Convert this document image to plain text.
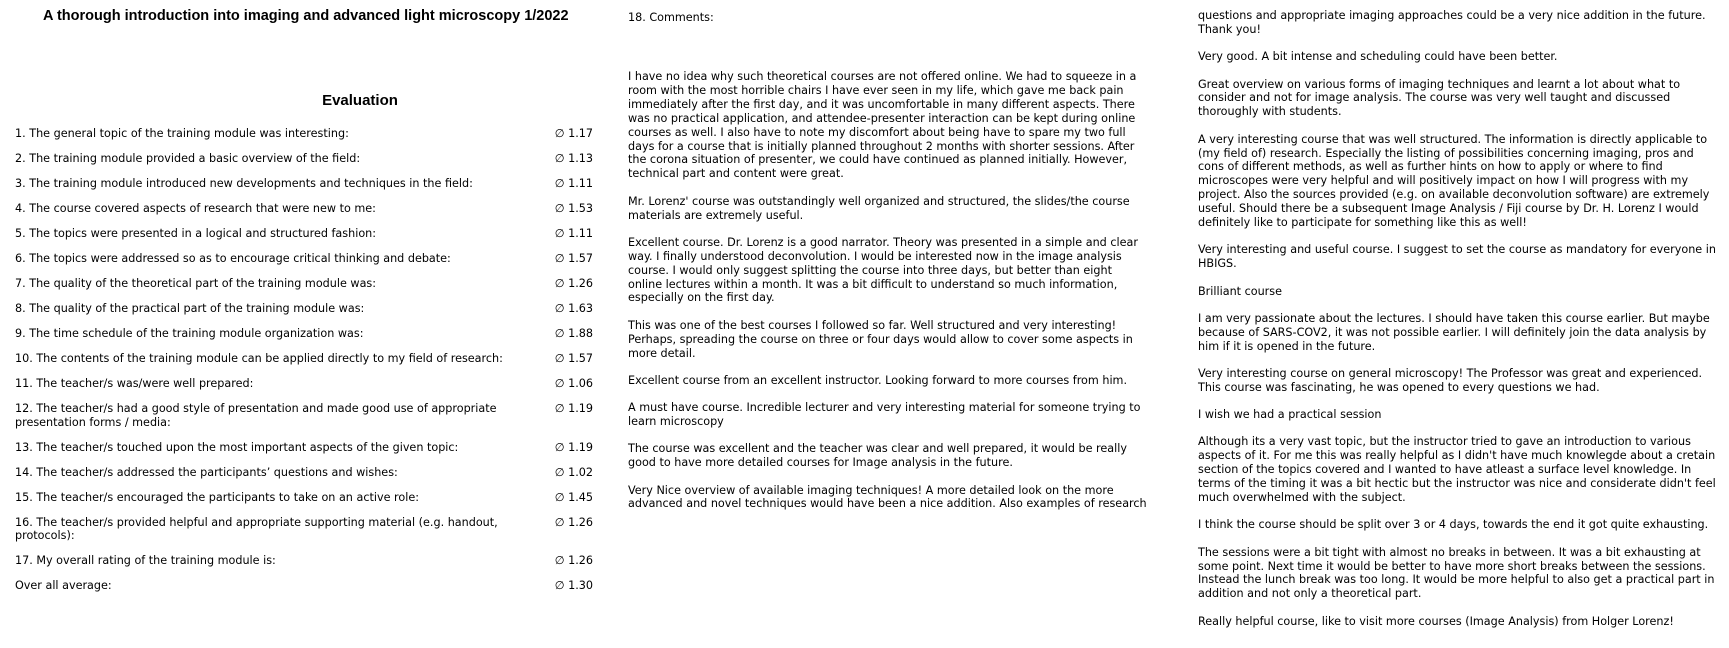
A thorough introduction into imaging and advanced light microscopy 1/2022
Evaluation
1. The general topic of the training module was interesting:	∅ 1.17
2. The training module provided a basic overview of the field:	∅ 1.13
3. The training module introduced new developments and techniques in the field:	∅ 1.11
4. The course covered aspects of research that were new to me:	∅ 1.53
5. The topics were presented in a logical and structured fashion:	∅ 1.11
6. The topics were addressed so as to encourage critical thinking and debate:	∅ 1.57
7. The quality of the theoretical part of the training module was:	∅ 1.26
8. The quality of the practical part of the training module was:	∅ 1.63
9. The time schedule of the training module organization was:	∅ 1.88
10. The contents of the training module can be applied directly to my field of research:	∅ 1.57
11. The teacher/s was/were well prepared:	∅ 1.06
12. The teacher/s had a good style of presentation and made good use of appropriate presentation forms / media:
∅ 1.19
13. The teacher/s touched upon the most important aspects of the given topic:	∅ 1.19
14. The teacher/s addressed the participants’ questions and wishes:	∅ 1.02
15. The teacher/s encouraged the participants to take on an active role:	∅ 1.45
16. The teacher/s provided helpful and appropriate supporting material (e.g. handout, protocols):
∅ 1.26
17. My overall rating of the training module is:	∅ 1.26
Over all average:	∅ 1.30
18. Comments:

I have no idea why such theoretical courses are not offered online. We had to squeeze in a room with the most horrible chairs I have ever seen in my life, which gave me back pain immediately after the first day, and it was uncomfortable in many different aspects. There was no practical application, and attendee-presenter interaction can be kept during online courses as well. I also have to note my discomfort about being have to spare my two full days for a course that is initially planned throughout 2 months with shorter sessions. After the corona situation of presenter, we could have continued as planned initially. However, technical part and content were great.

Mr. Lorenz' course was outstandingly well organized and structured, the slides/the course materials are extremely useful.

Excellent course. Dr. Lorenz is a good narrator. Theory was presented in a simple and clear way. I finally understood deconvolution. I would be interested now in the image analysis course. I would only suggest splitting the course into three days, but better than eight online lectures within a month. It was a bit difficult to understand so much information, especially on the first day.

This was one of the best courses I followed so far. Well structured and very interesting! Perhaps, spreading the course on three or four days would allow to cover some aspects in more detail.

Excellent course from an excellent instructor. Looking forward to more courses from him.

A must have course. Incredible lecturer and very interesting material for someone trying to learn microscopy

The course was excellent and the teacher was clear and well prepared, it would be really good to have more detailed courses for Image analysis in the future.

Very Nice overview of available imaging techniques! A more detailed look on the more advanced and novel techniques would have been a nice addition. Also examples of research

questions and appropriate imaging approaches could be a very nice addition in the future. Thank you!

Very good. A bit intense and scheduling could have been better.

Great overview on various forms of imaging techniques and learnt a lot about what to consider and not for image analysis. The course was very well taught and discussed thoroughly with students.

A very interesting course that was well structured. The information is directly applicable to (my field of) research. Especially the listing of possibilities concerning imaging, pros and cons of different methods, as well as further hints on how to apply or where to find microscopes were very helpful and will positively impact on how I will progress with my project. Also the sources provided (e.g. on available deconvolution software) are extremely useful. Should there be a subsequent Image Analysis / Fiji course by Dr. H. Lorenz I would definitely like to participate for something like this as well!

Very interesting and useful course. I suggest to set the course as mandatory for everyone in HBIGS.

Brilliant course

I am very passionate about the lectures. I should have taken this course earlier. But maybe because of SARS-COV2, it was not possible earlier. I will definitely join the data analysis by him if it is opened in the future.

Very interesting course on general microscopy! The Professor was great and experienced. This course was fascinating, he was opened to every questions we had.

I wish we had a practical session

Although its a very vast topic, but the instructor tried to gave an introduction to various aspects of it. For me this was really helpful as I didn't have much knowlegde about a cretain section of the topics covered and I wanted to have atleast a surface level knowledge. In terms of the timing it was a bit hectic but the instructor was nice and considerate didn't feel much overwhelmed with the subject.

I think the course should be split over 3 or 4 days, towards the end it got quite exhausting.

The sessions were a bit tight with almost no breaks in between. It was a bit exhausting at some point. Next time it would be better to have more short breaks between the sessions. Instead the lunch break was too long. It would be more helpful to also get a practical part in addition and not only a theoretical part.

Really helpful course, like to visit more courses (Image Analysis) from Holger Lorenz!
